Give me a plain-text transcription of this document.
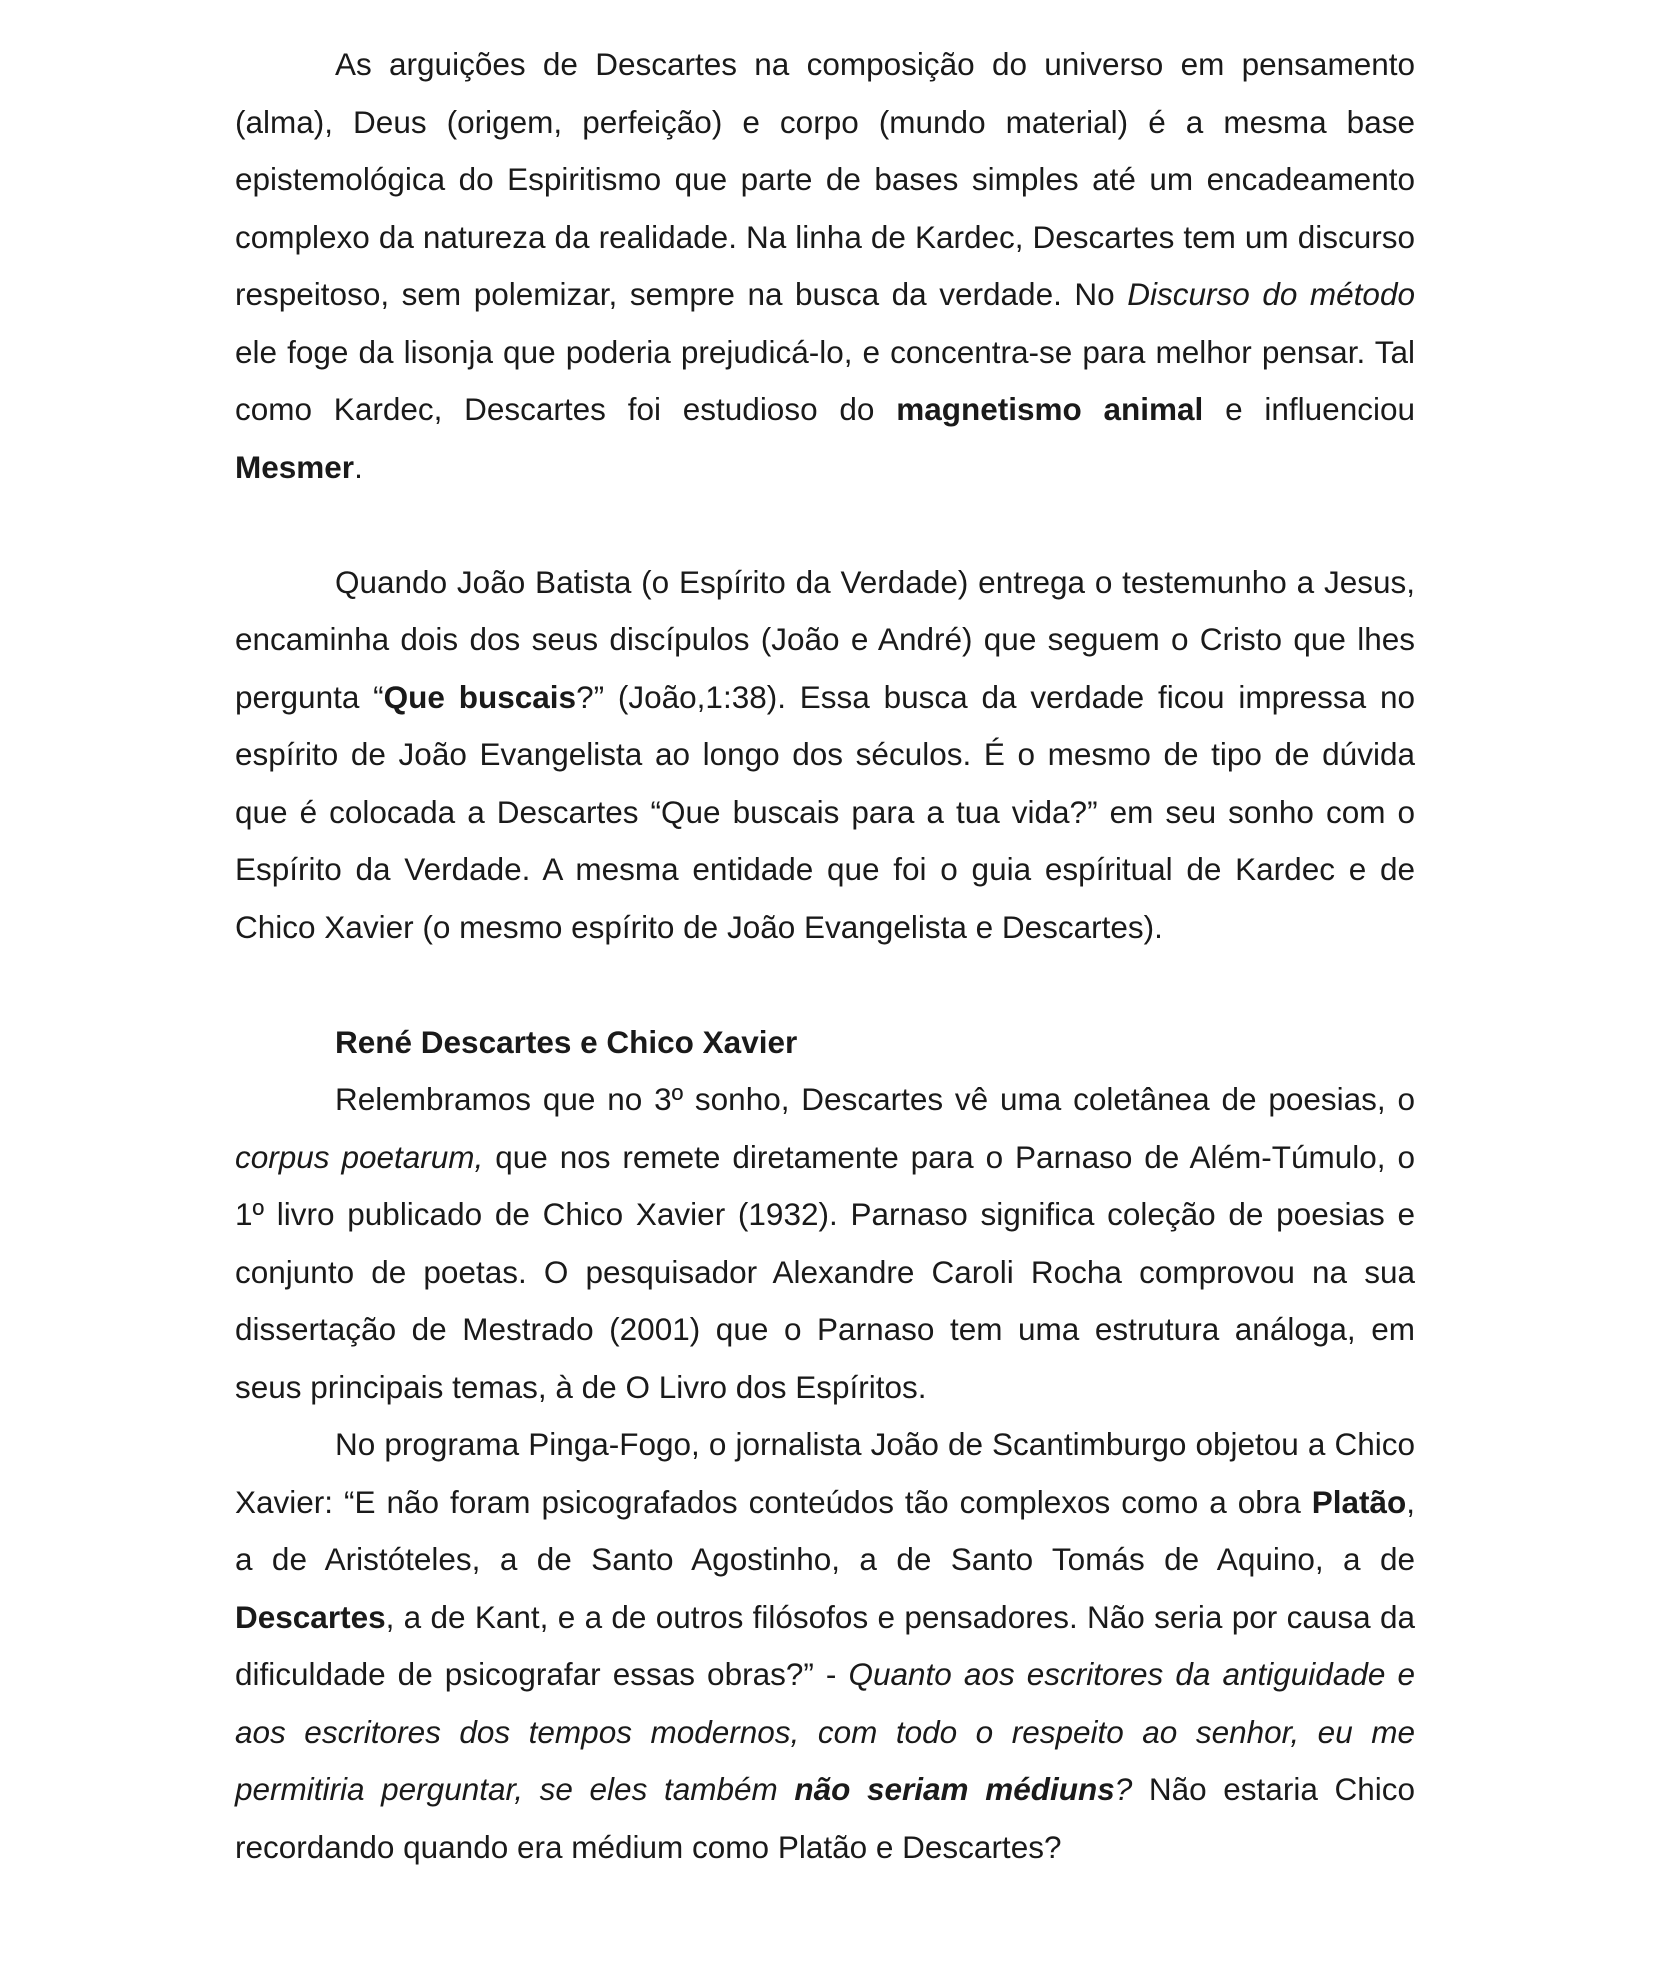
As arguições de Descartes na composição do universo em pensamento (alma), Deus (origem, perfeição) e corpo (mundo material) é a mesma base epistemológica do Espiritismo que parte de bases simples até um encadeamento complexo da natureza da realidade. Na linha de Kardec, Descartes tem um discurso respeitoso, sem polemizar, sempre na busca da verdade. No Discurso do método ele foge da lisonja que poderia prejudicá-lo, e concentra-se para melhor pensar. Tal como Kardec, Descartes foi estudioso do magnetismo animal e influenciou Mesmer.

Quando João Batista (o Espírito da Verdade) entrega o testemunho a Jesus, encaminha dois dos seus discípulos (João e André) que seguem o Cristo que lhes pergunta “Que buscais?” (João,1:38). Essa busca da verdade ficou impressa no espírito de João Evangelista ao longo dos séculos. É o mesmo de tipo de dúvida que é colocada a Descartes “Que buscais para a tua vida?” em seu sonho com o Espírito da Verdade. A mesma entidade que foi o guia espíritual de Kardec e de Chico Xavier (o mesmo espírito de João Evangelista e Descartes).

René Descartes e Chico Xavier

Relembramos que no 3º sonho, Descartes vê uma coletânea de poesias, o corpus poetarum, que nos remete diretamente para o Parnaso de Além-Túmulo, o 1º livro publicado de Chico Xavier (1932). Parnaso significa coleção de poesias e conjunto de poetas. O pesquisador Alexandre Caroli Rocha comprovou na sua dissertação de Mestrado (2001) que o Parnaso tem uma estrutura análoga, em seus principais temas, à de O Livro dos Espíritos.

No programa Pinga-Fogo, o jornalista João de Scantimburgo objetou a Chico Xavier: “E não foram psicografados conteúdos tão complexos como a obra Platão, a de Aristóteles, a de Santo Agostinho, a de Santo Tomás de Aquino, a de Descartes, a de Kant, e a de outros filósofos e pensadores. Não seria por causa da dificuldade de psicografar essas obras?” - Quanto aos escritores da antiguidade e aos escritores dos tempos modernos, com todo o respeito ao senhor, eu me permitiria perguntar, se eles também não seriam médiuns? Não estaria Chico recordando quando era médium como Platão e Descartes?
